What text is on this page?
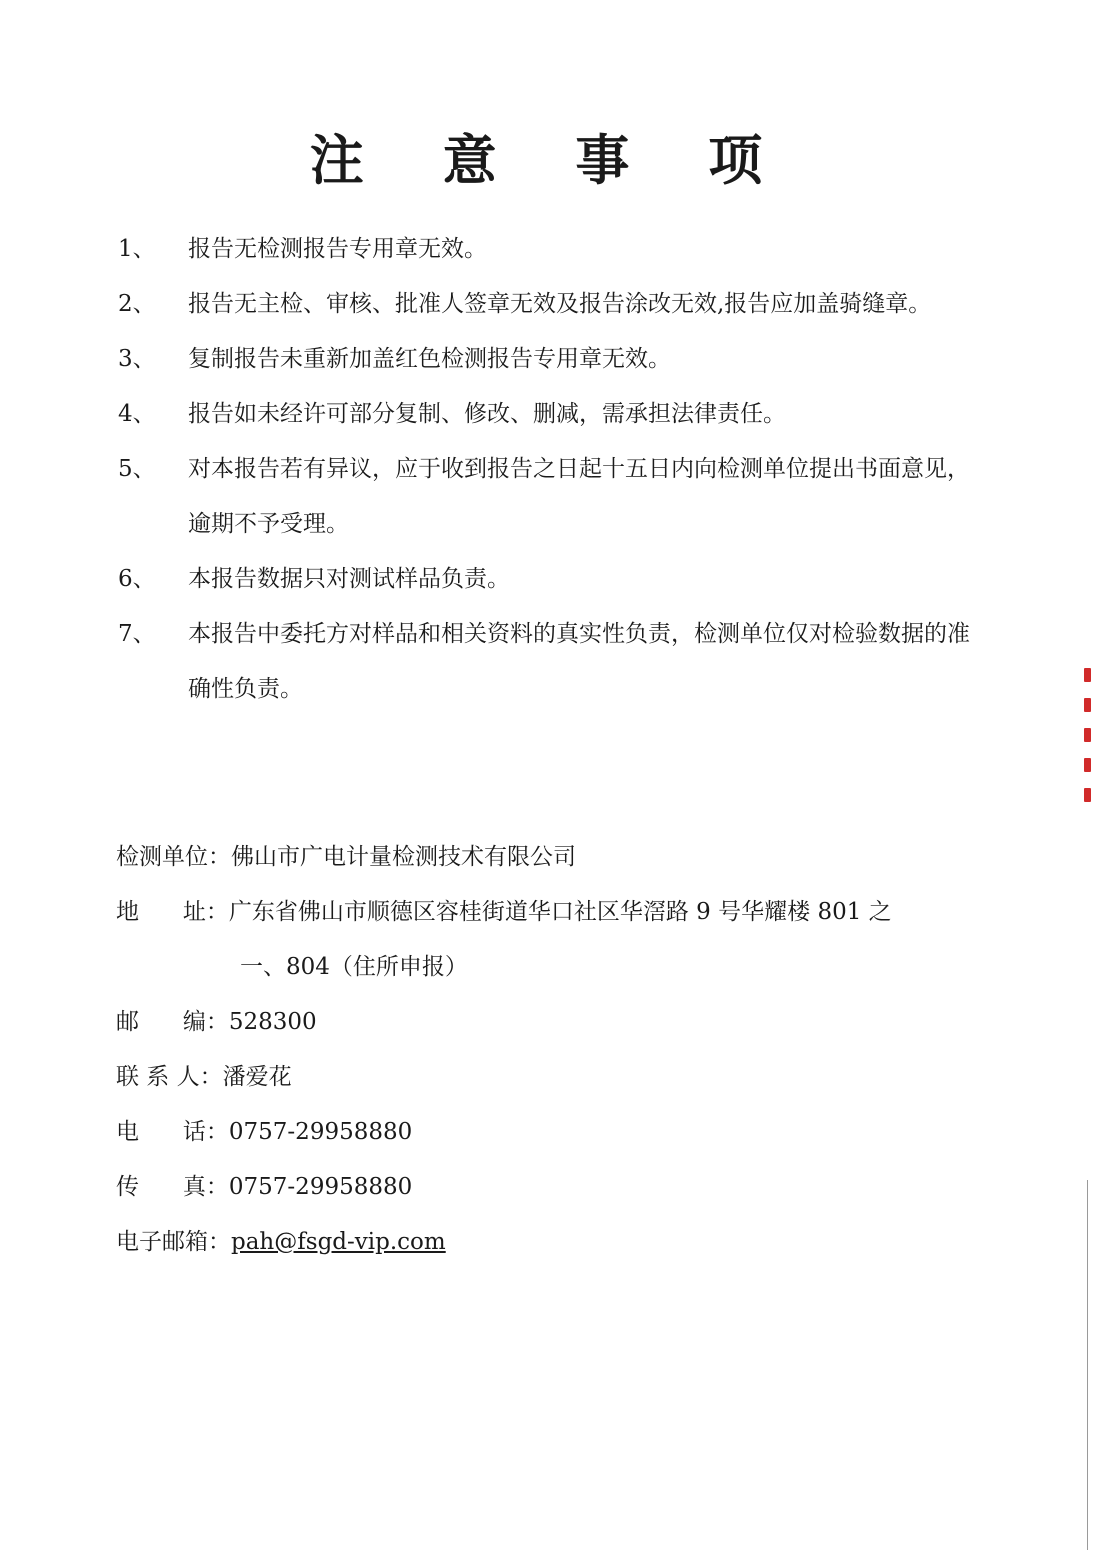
注 意 事 项
1、	报告无检测报告专用章无效。
2、	报告无主检、审核、批准人签章无效及报告涂改无效,报告应加盖骑缝章。
3、	复制报告未重新加盖红色检测报告专用章无效。
4、	报告如未经许可部分复制、修改、删减，需承担法律责任。
5、	对本报告若有异议，应于收到报告之日起十五日内向检测单位提出书面意见，逾期不予受理。
6、	本报告数据只对测试样品负责。
7、	本报告中委托方对样品和相关资料的真实性负责，检测单位仅对检验数据的准确性负责。
检测单位： 佛山市广电计量检测技术有限公司
地      址： 广东省佛山市顺德区容桂街道华口社区华滘路 9 号华耀楼 801 之
一、804（住所申报）
邮      编： 528300
联 系 人： 潘爱花
电      话： 0757-29958880
传      真： 0757-29958880
电子邮箱： pah@fsgd-vip.com
